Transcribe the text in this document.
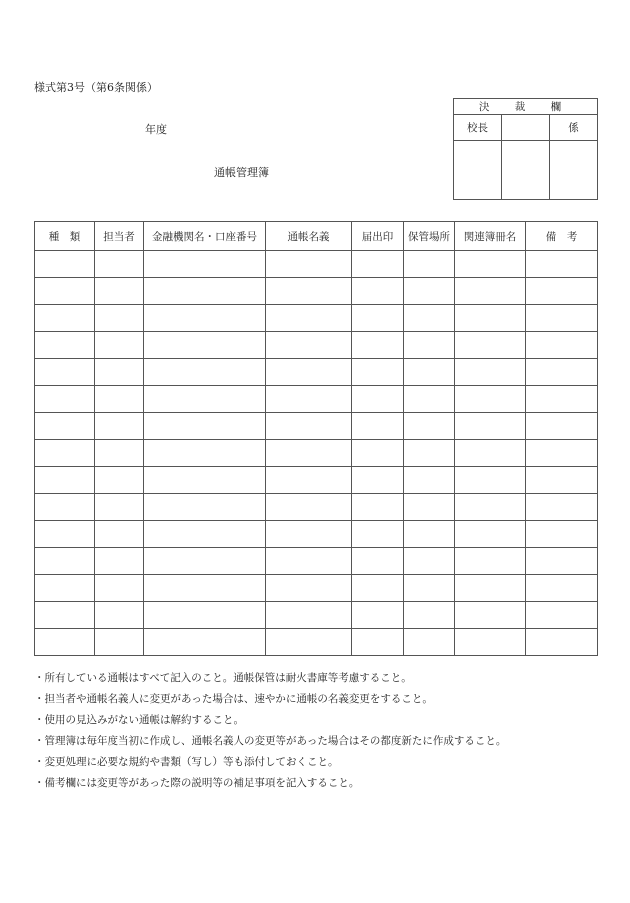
様式第3号（第6条関係）
年度
通帳管理簿
決 裁 欄		
校長		係

種　類	担当者	金融機関名・口座番号	通帳名義	届出印	保管場所	関連簿冊名	備　考

・所有している通帳はすべて記入のこと。通帳保管は耐火書庫等考慮すること。
・担当者や通帳名義人に変更があった場合は、速やかに通帳の名義変更をすること。
・使用の見込みがない通帳は解約すること。
・管理簿は毎年度当初に作成し、通帳名義人の変更等があった場合はその都度新たに作成すること。
・変更処理に必要な規約や書類（写し）等も添付しておくこと。
・備考欄には変更等があった際の説明等の補足事項を記入すること。
